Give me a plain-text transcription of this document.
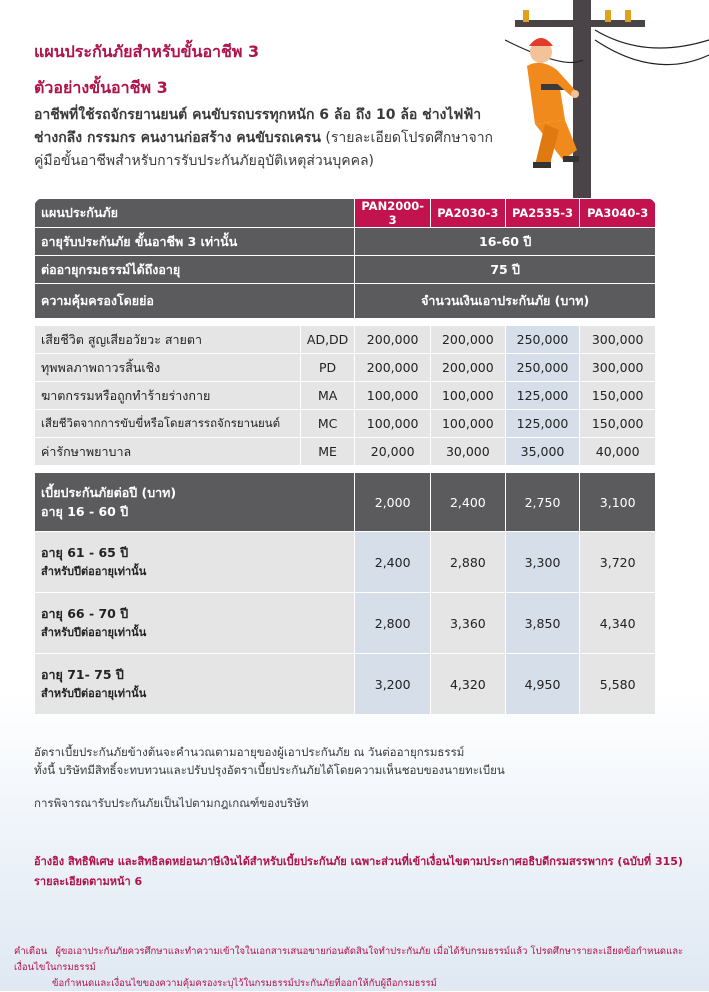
แผนประกันภัยสำหรับขั้นอาชีพ 3
ตัวอย่างขั้นอาชีพ 3
อาชีพที่ใช้รถจักรยานยนต์ คนขับรถบรรทุกหนัก 6 ล้อ ถึง 10 ล้อ ช่างไฟฟ้า ช่างกลึง กรรมกร คนงานก่อสร้าง คนขับรถเครน (รายละเอียดโปรดศึกษาจากคู่มือขั้นอาชีพสำหรับการรับประกันภัยอุบัติเหตุส่วนบุคคล)
แผนประกันภัย		PAN2000-3	PA2030-3	PA2535-3	PA3040-3
อายุรับประกันภัย ขั้นอาชีพ 3 เท่านั้น		16-60 ปี			
ต่ออายุกรมธรรม์ได้ถึงอายุ		75 ปี			
ความคุ้มครองโดยย่อ		จำนวนเงินเอาประกันภัย (บาท)			

เสียชีวิต สูญเสียอวัยวะ สายตา	AD,DD	200,000	200,000	250,000	300,000
ทุพพลภาพถาวรสิ้นเชิง	PD	200,000	200,000	250,000	300,000
ฆาตกรรมหรือถูกทำร้ายร่างกาย	MA	100,000	100,000	125,000	150,000
เสียชีวิตจากการขับขี่หรือโดยสารรถจักรยานยนต์	MC	100,000	100,000	125,000	150,000
ค่ารักษาพยาบาล	ME	20,000	30,000	35,000	40,000

เบี้ยประกันภัยต่อปี (บาท)
อายุ 16 - 60 ปี		2,000	2,400	2,750	3,100

อายุ 61 - 65 ปี
สำหรับปีต่ออายุเท่านั้น		2,400	2,880	3,300	3,720

อายุ 66 - 70 ปี
สำหรับปีต่ออายุเท่านั้น		2,800	3,360	3,850	4,340

อายุ 71- 75 ปี
สำหรับปีต่ออายุเท่านั้น		3,200	4,320	4,950	5,580
อัตราเบี้ยประกันภัยข้างต้นจะคำนวณตามอายุของผู้เอาประกันภัย ณ วันต่ออายุกรมธรรม์
ทั้งนี้ บริษัทมีสิทธิ์จะทบทวนและปรับปรุงอัตราเบี้ยประกันภัยได้โดยความเห็นชอบของนายทะเบียน
การพิจารณารับประกันภัยเป็นไปตามกฎเกณฑ์ของบริษัท
อ้างอิง สิทธิพิเศษ และสิทธิลดหย่อนภาษีเงินได้สำหรับเบี้ยประกันภัย เฉพาะส่วนที่เข้าเงื่อนไขตามประกาศอธิบดีกรมสรรพากร (ฉบับที่ 315)
รายละเอียดตามหน้า 6
คำเตือน ผู้ขอเอาประกันภัยควรศึกษาและทำความเข้าใจในเอกสารเสนอขายก่อนตัดสินใจทำประกันภัย เมื่อได้รับกรมธรรม์แล้ว โปรดศึกษารายละเอียดข้อกำหนดและเงื่อนไขในกรมธรรม์
ข้อกำหนดและเงื่อนไขของความคุ้มครองระบุไว้ในกรมธรรม์ประกันภัยที่ออกให้กับผู้ถือกรมธรรม์
